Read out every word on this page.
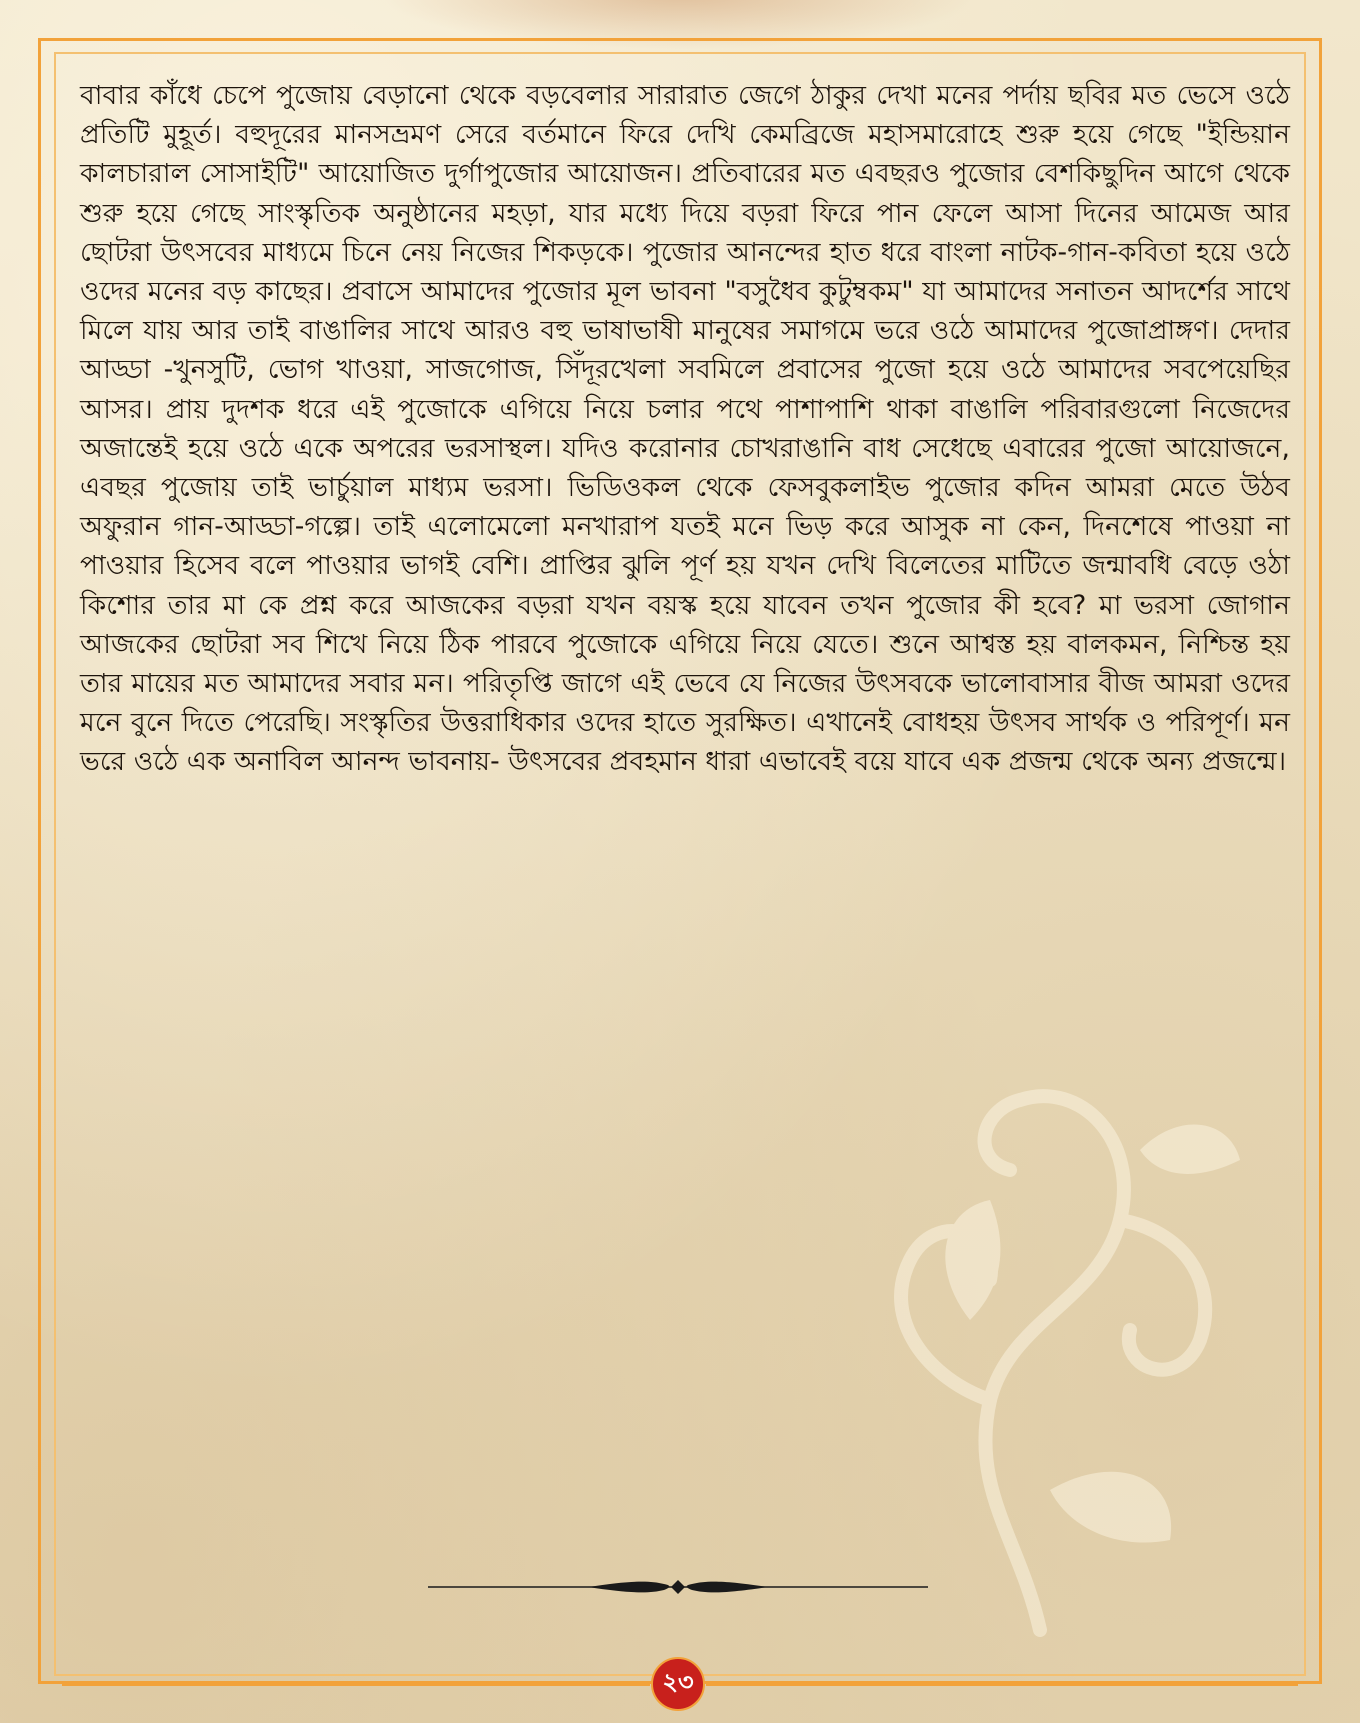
বাবার কাঁধে চেপে পুজোয় বেড়ানো থেকে বড়বেলার সারারাত জেগে ঠাকুর দেখা মনের পর্দায় ছবির মত ভেসে ওঠে প্রতিটি মুহূর্ত। বহুদূরের মানসভ্রমণ সেরে বর্তমানে ফিরে দেখি কেমব্রিজে মহাসমারোহে শুরু হয়ে গেছে "ইন্ডিয়ান কালচারাল সোসাইটি" আয়োজিত দুর্গাপুজোর আয়োজন। প্রতিবারের মত এবছরও পুজোর বেশকিছুদিন আগে থেকে শুরু হয়ে গেছে সাংস্কৃতিক অনুষ্ঠানের মহড়া, যার মধ্যে দিয়ে বড়রা ফিরে পান ফেলে আসা দিনের আমেজ আর ছোটরা উৎসবের মাধ্যমে চিনে নেয় নিজের শিকড়কে। পুজোর আনন্দের হাত ধরে বাংলা নাটক-গান-কবিতা হয়ে ওঠে ওদের মনের বড় কাছের। প্রবাসে আমাদের পুজোর মূল ভাবনা "বসুধৈব কুটুম্বকম" যা আমাদের সনাতন আদর্শের সাথে মিলে যায় আর তাই বাঙালির সাথে আরও বহু ভাষাভাষী মানুষের সমাগমে ভরে ওঠে আমাদের পুজোপ্রাঙ্গণ। দেদার আড্ডা -খুনসুটি, ভোগ খাওয়া, সাজগোজ, সিঁদূরখেলা সবমিলে প্রবাসের পুজো হয়ে ওঠে আমাদের সবপেয়েছির আসর। প্রায় দুদশক ধরে এই পুজোকে এগিয়ে নিয়ে চলার পথে পাশাপাশি থাকা বাঙালি পরিবারগুলো নিজেদের অজান্তেই হয়ে ওঠে একে অপরের ভরসাস্থল। যদিও করোনার চোখরাঙানি বাধ সেধেছে এবারের পুজো আয়োজনে, এবছর পুজোয় তাই ভার্চুয়াল মাধ্যম ভরসা। ভিডিওকল থেকে ফেসবুকলাইভ পুজোর কদিন আমরা মেতে উঠব অফুরান গান-আড্ডা-গল্পে। তাই এলোমেলো মনখারাপ যতই মনে ভিড় করে আসুক না কেন, দিনশেষে পাওয়া না পাওয়ার হিসেব বলে পাওয়ার ভাগই বেশি। প্রাপ্তির ঝুলি পূর্ণ হয় যখন দেখি বিলেতের মাটিতে জন্মাবধি বেড়ে ওঠা কিশোর তার মা কে প্রশ্ন করে আজকের বড়রা যখন বয়স্ক হয়ে যাবেন তখন পুজোর কী হবে? মা ভরসা জোগান আজকের ছোটরা সব শিখে নিয়ে ঠিক পারবে পুজোকে এগিয়ে নিয়ে যেতে। শুনে আশ্বস্ত হয় বালকমন, নিশ্চিন্ত হয় তার মায়ের মত আমাদের সবার মন। পরিতৃপ্তি জাগে এই ভেবে যে নিজের উৎসবকে ভালোবাসার বীজ আমরা ওদের মনে বুনে দিতে পেরেছি। সংস্কৃতির উত্তরাধিকার ওদের হাতে সুরক্ষিত। এখানেই বোধহয় উৎসব সার্থক ও পরিপূর্ণ। মন ভরে ওঠে এক অনাবিল আনন্দ ভাবনায়- উৎসবের প্রবহমান ধারা এভাবেই বয়ে যাবে এক প্রজন্ম থেকে অন্য প্রজন্মে।

২৩
